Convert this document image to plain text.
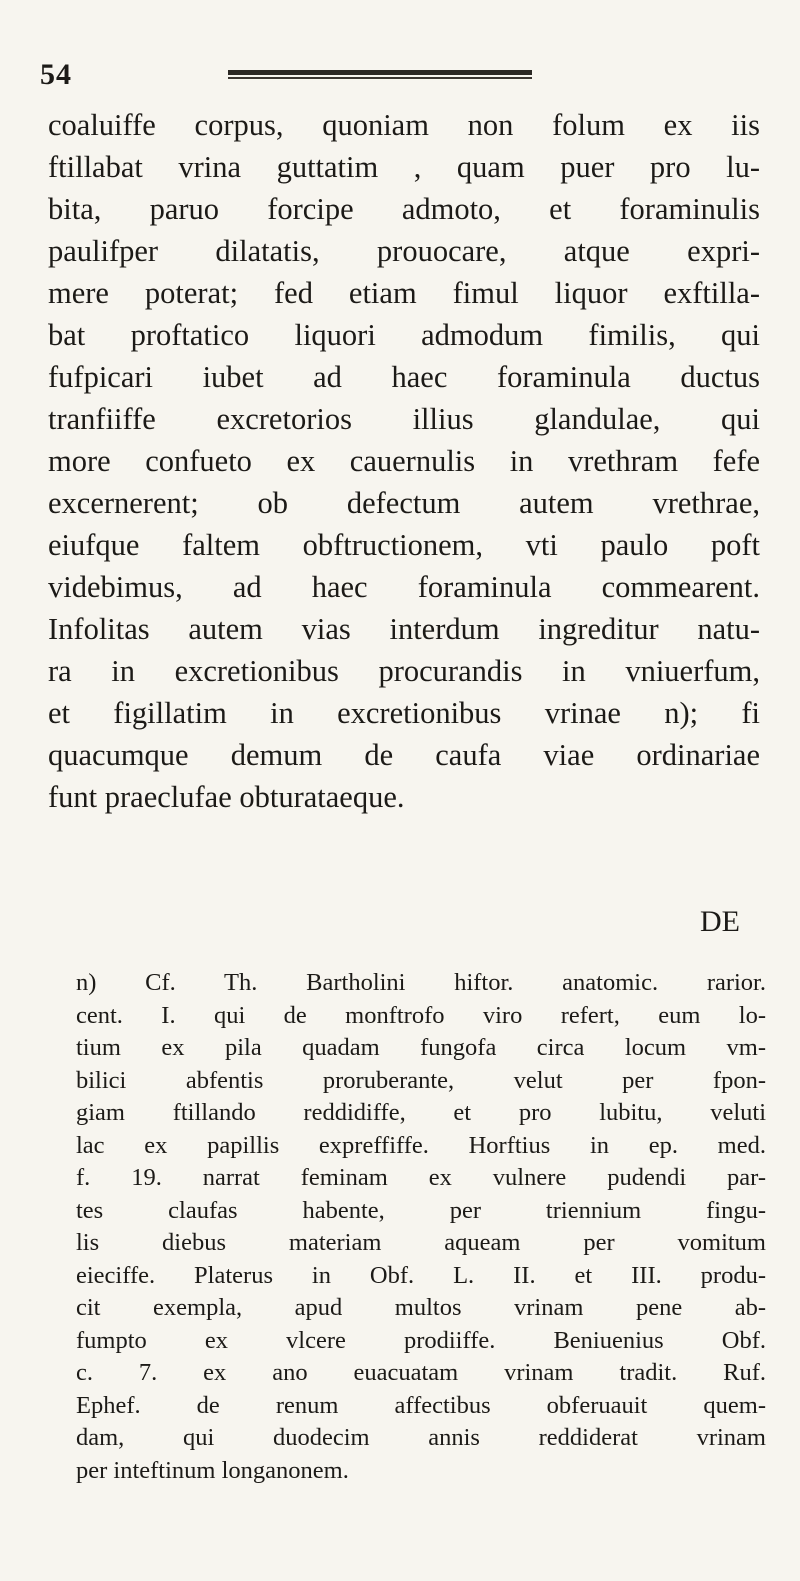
54
coaluiffe corpus, quoniam non folum ex iis
ftillabat vrina guttatim , quam puer pro lu-
bita, paruo forcipe admoto, et foraminulis
paulifper dilatatis, prouocare, atque expri-
mere poterat; fed etiam fimul liquor exftilla-
bat proftatico liquori admodum fimilis, qui
fufpicari iubet ad haec foraminula ductus
tranfiiffe excretorios illius glandulae, qui
more confueto ex cauernulis in vrethram fefe
excernerent; ob defectum autem vrethrae,
eiufque faltem obftructionem, vti paulo poft
videbimus, ad haec foraminula commearent.
Infolitas autem vias interdum ingreditur natu-
ra in excretionibus procurandis in vniuerfum,
et figillatim in excretionibus vrinae n); fi
quacumque demum de caufa viae ordinariae
funt praeclufae obturataeque.
DE
n) Cf. Th. Bartholini hiftor. anatomic. rarior.
cent. I. qui de monftrofo viro refert, eum lo-
tium ex pila quadam fungofa circa locum vm-
bilici abfentis proruberante, velut per fpon-
giam ftillando reddidiffe, et pro lubitu, veluti
lac ex papillis expreffiffe. Horftius in ep. med.
f. 19. narrat feminam ex vulnere pudendi par-
tes claufas habente, per triennium fingu-
lis diebus materiam aqueam per vomitum
eieciffe. Platerus in Obf. L. II. et III. produ-
cit exempla, apud multos vrinam pene ab-
fumpto ex vlcere prodiiffe. Beniuenius Obf.
c. 7. ex ano euacuatam vrinam tradit. Ruf.
Ephef. de renum affectibus obferuauit quem-
dam, qui duodecim annis reddiderat vrinam
per inteftinum longanonem.
